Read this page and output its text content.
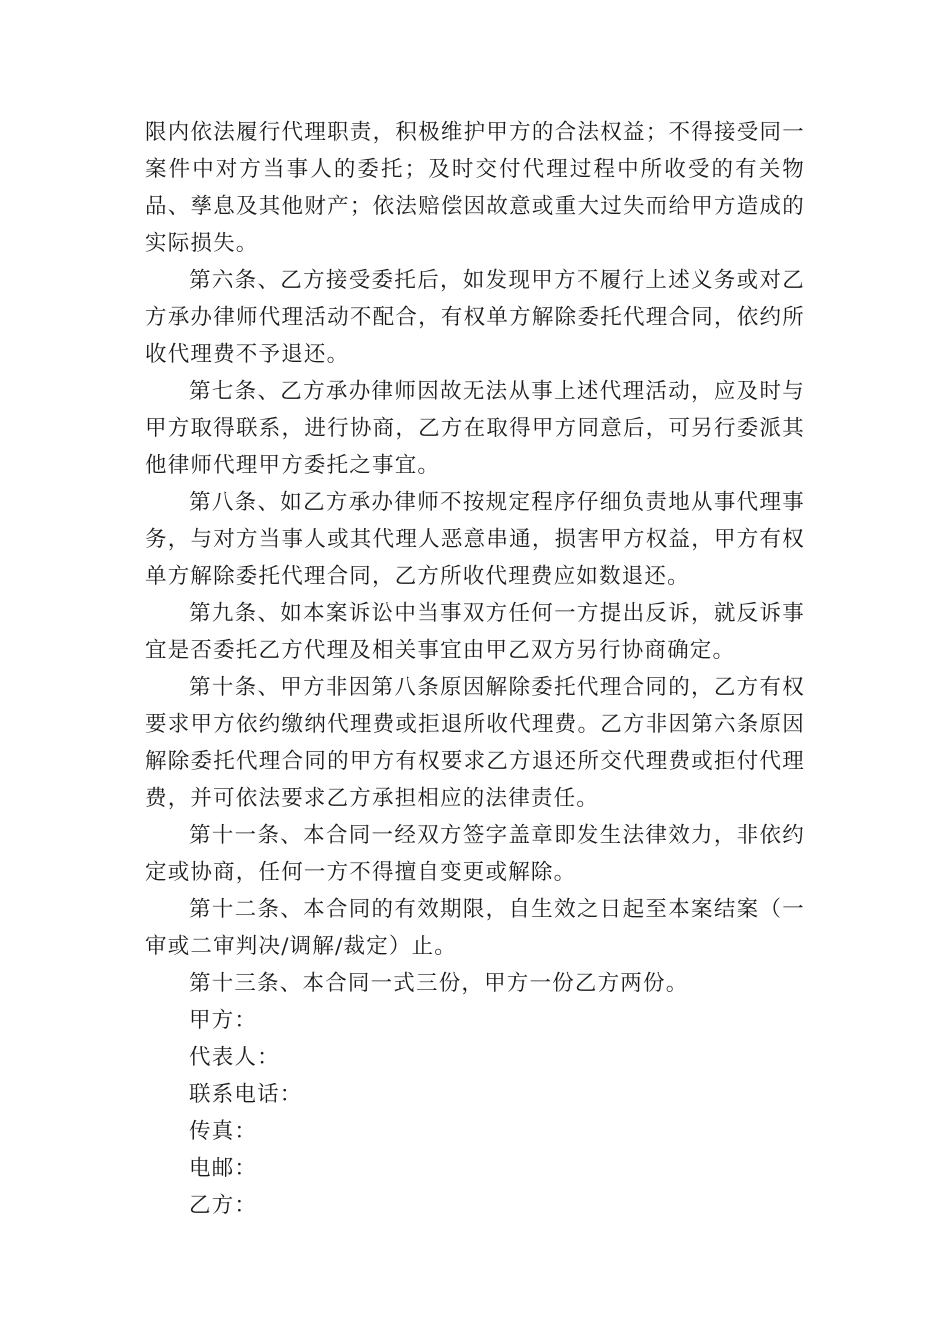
限内依法履行代理职责，积极维护甲方的合法权益；不得接受同一案件中对方当事人的委托；及时交付代理过程中所收受的有关物品、孳息及其他财产；依法赔偿因故意或重大过失而给甲方造成的实际损失。

第六条、乙方接受委托后，如发现甲方不履行上述义务或对乙方承办律师代理活动不配合，有权单方解除委托代理合同，依约所收代理费不予退还。

第七条、乙方承办律师因故无法从事上述代理活动，应及时与甲方取得联系，进行协商，乙方在取得甲方同意后，可另行委派其他律师代理甲方委托之事宜。

第八条、如乙方承办律师不按规定程序仔细负责地从事代理事务，与对方当事人或其代理人恶意串通，损害甲方权益，甲方有权单方解除委托代理合同，乙方所收代理费应如数退还。

第九条、如本案诉讼中当事双方任何一方提出反诉，就反诉事宜是否委托乙方代理及相关事宜由甲乙双方另行协商确定。

第十条、甲方非因第八条原因解除委托代理合同的，乙方有权要求甲方依约缴纳代理费或拒退所收代理费。乙方非因第六条原因解除委托代理合同的甲方有权要求乙方退还所交代理费或拒付代理费，并可依法要求乙方承担相应的法律责任。

第十一条、本合同一经双方签字盖章即发生法律效力，非依约定或协商，任何一方不得擅自变更或解除。

第十二条、本合同的有效期限，自生效之日起至本案结案（一审或二审判决/调解/裁定）止。

第十三条、本合同一式三份，甲方一份乙方两份。

甲方：

代表人：

联系电话：

传真：

电邮：

乙方：
